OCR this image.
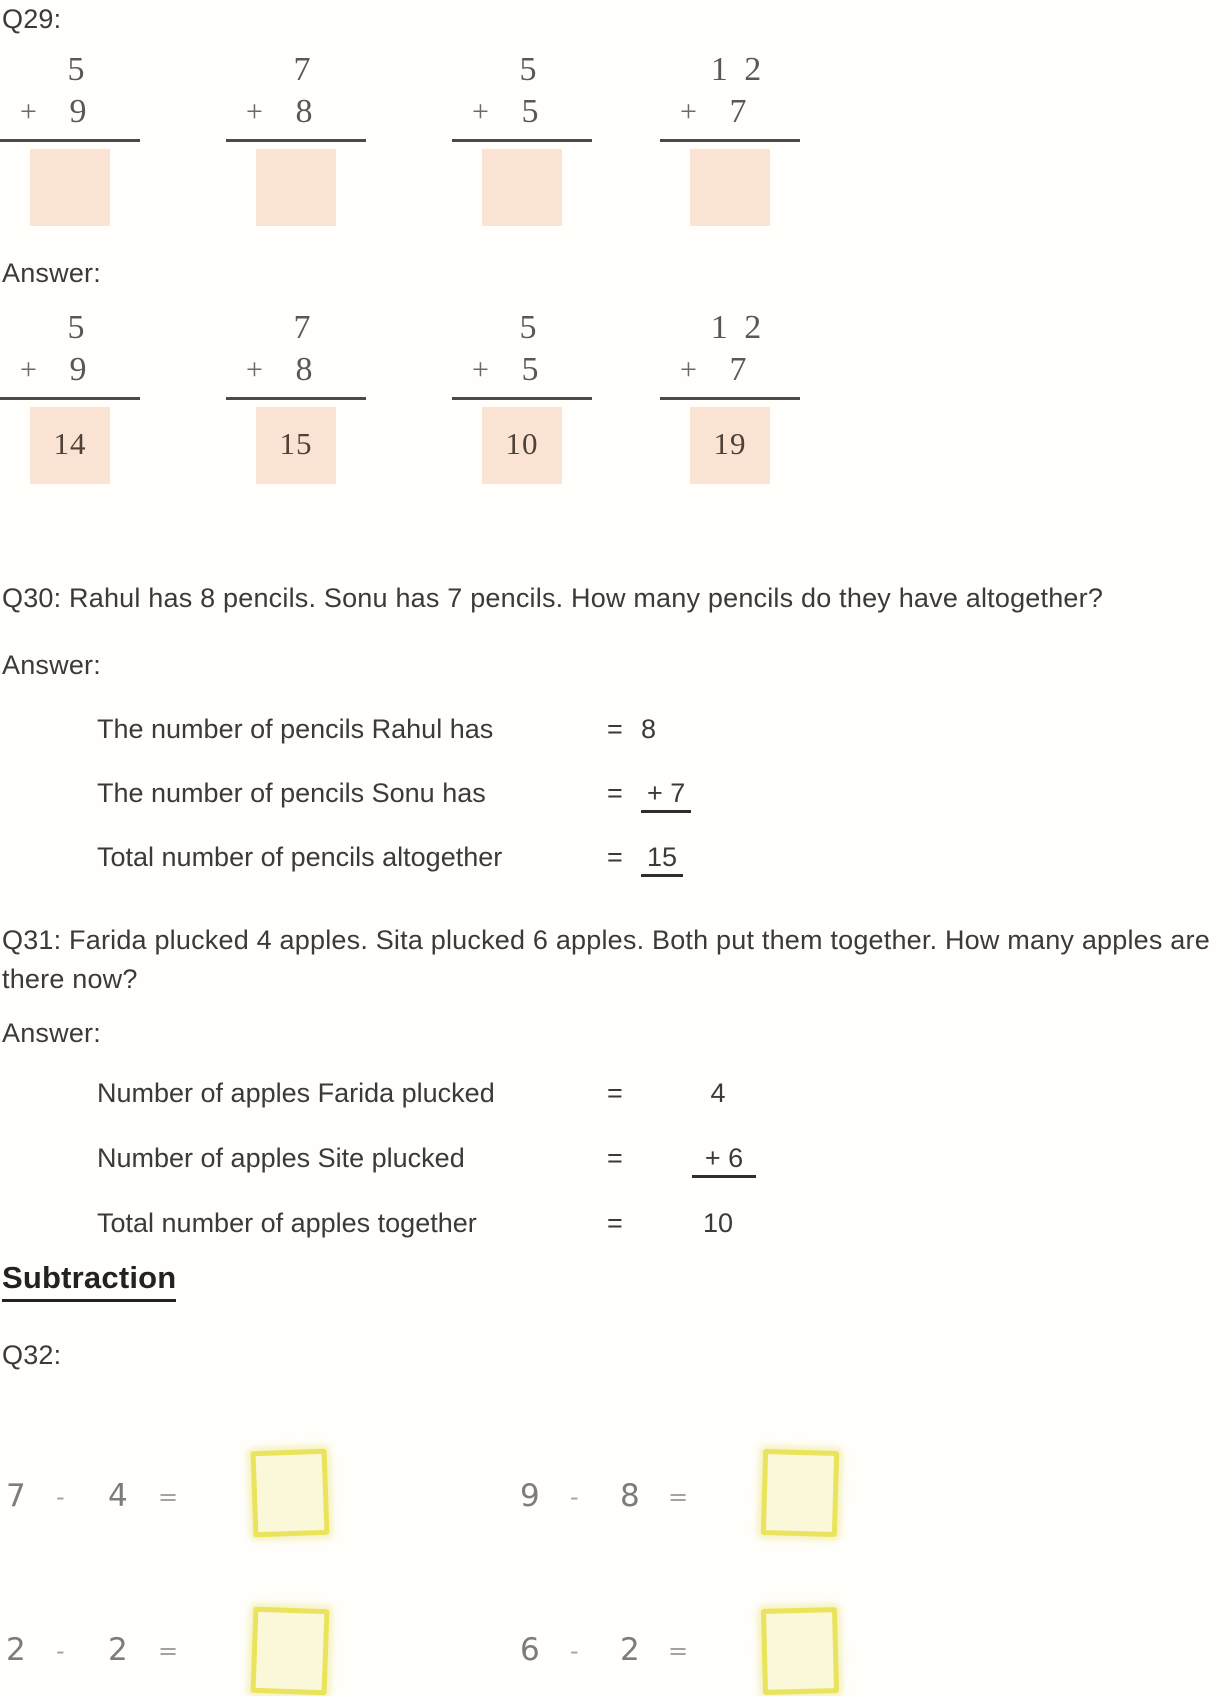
Q29:
5
+ 9
7
+ 8
5
+ 5
1 2
+ 7
Answer:
5
+ 9
14
7
+ 8
15
5
+ 5
10
1 2
+ 7
19
Q30: Rahul has 8 pencils. Sonu has 7 pencils. How many pencils do they have altogether?
Answer:
The number of pencils Rahul has	= 8
The number of pencils Sonu has	= + 7
Total number of pencils altogether	= 15
Q31: Farida plucked 4 apples. Sita plucked 6 apples. Both put them together. How many apples are there now?
Answer:
Number of apples Farida plucked	=	4
Number of apples Site plucked	=	+ 6
Total number of apples together	=	10
Subtraction
Q32:
7 - 4 =	9 - 8 =
2 - 2 =	6 - 2 =
